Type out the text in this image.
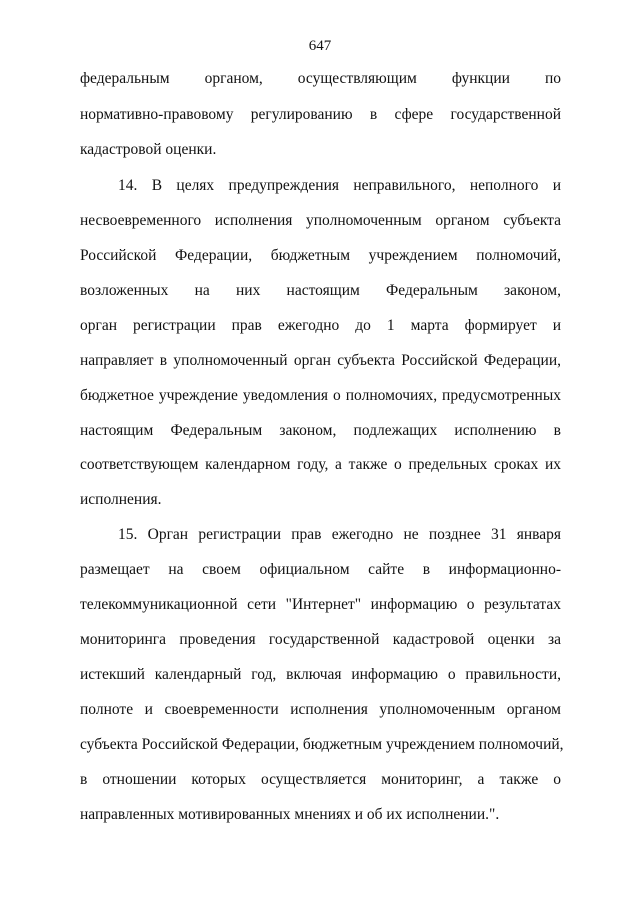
647
федеральным органом, осуществляющим функции по
нормативно-правовому регулированию в сфере государственной
кадастровой оценки.
14. В целях предупреждения неправильного, неполного и
несвоевременного исполнения уполномоченным органом субъекта
Российской Федерации, бюджетным учреждением полномочий,
возложенных на них настоящим Федеральным законом,
орган регистрации прав ежегодно до 1 марта формирует и
направляет в уполномоченный орган субъекта Российской Федерации,
бюджетное учреждение уведомления о полномочиях, предусмотренных
настоящим Федеральным законом, подлежащих исполнению в
соответствующем календарном году, а также о предельных сроках их
исполнения.
15. Орган регистрации прав ежегодно не позднее 31 января
размещает на своем официальном сайте в информационно-
телекоммуникационной сети "Интернет" информацию о результатах
мониторинга проведения государственной кадастровой оценки за
истекший календарный год, включая информацию о правильности,
полноте и своевременности исполнения уполномоченным органом
субъекта Российской Федерации, бюджетным учреждением полномочий,
в отношении которых осуществляется мониторинг, а также о
направленных мотивированных мнениях и об их исполнении.".
